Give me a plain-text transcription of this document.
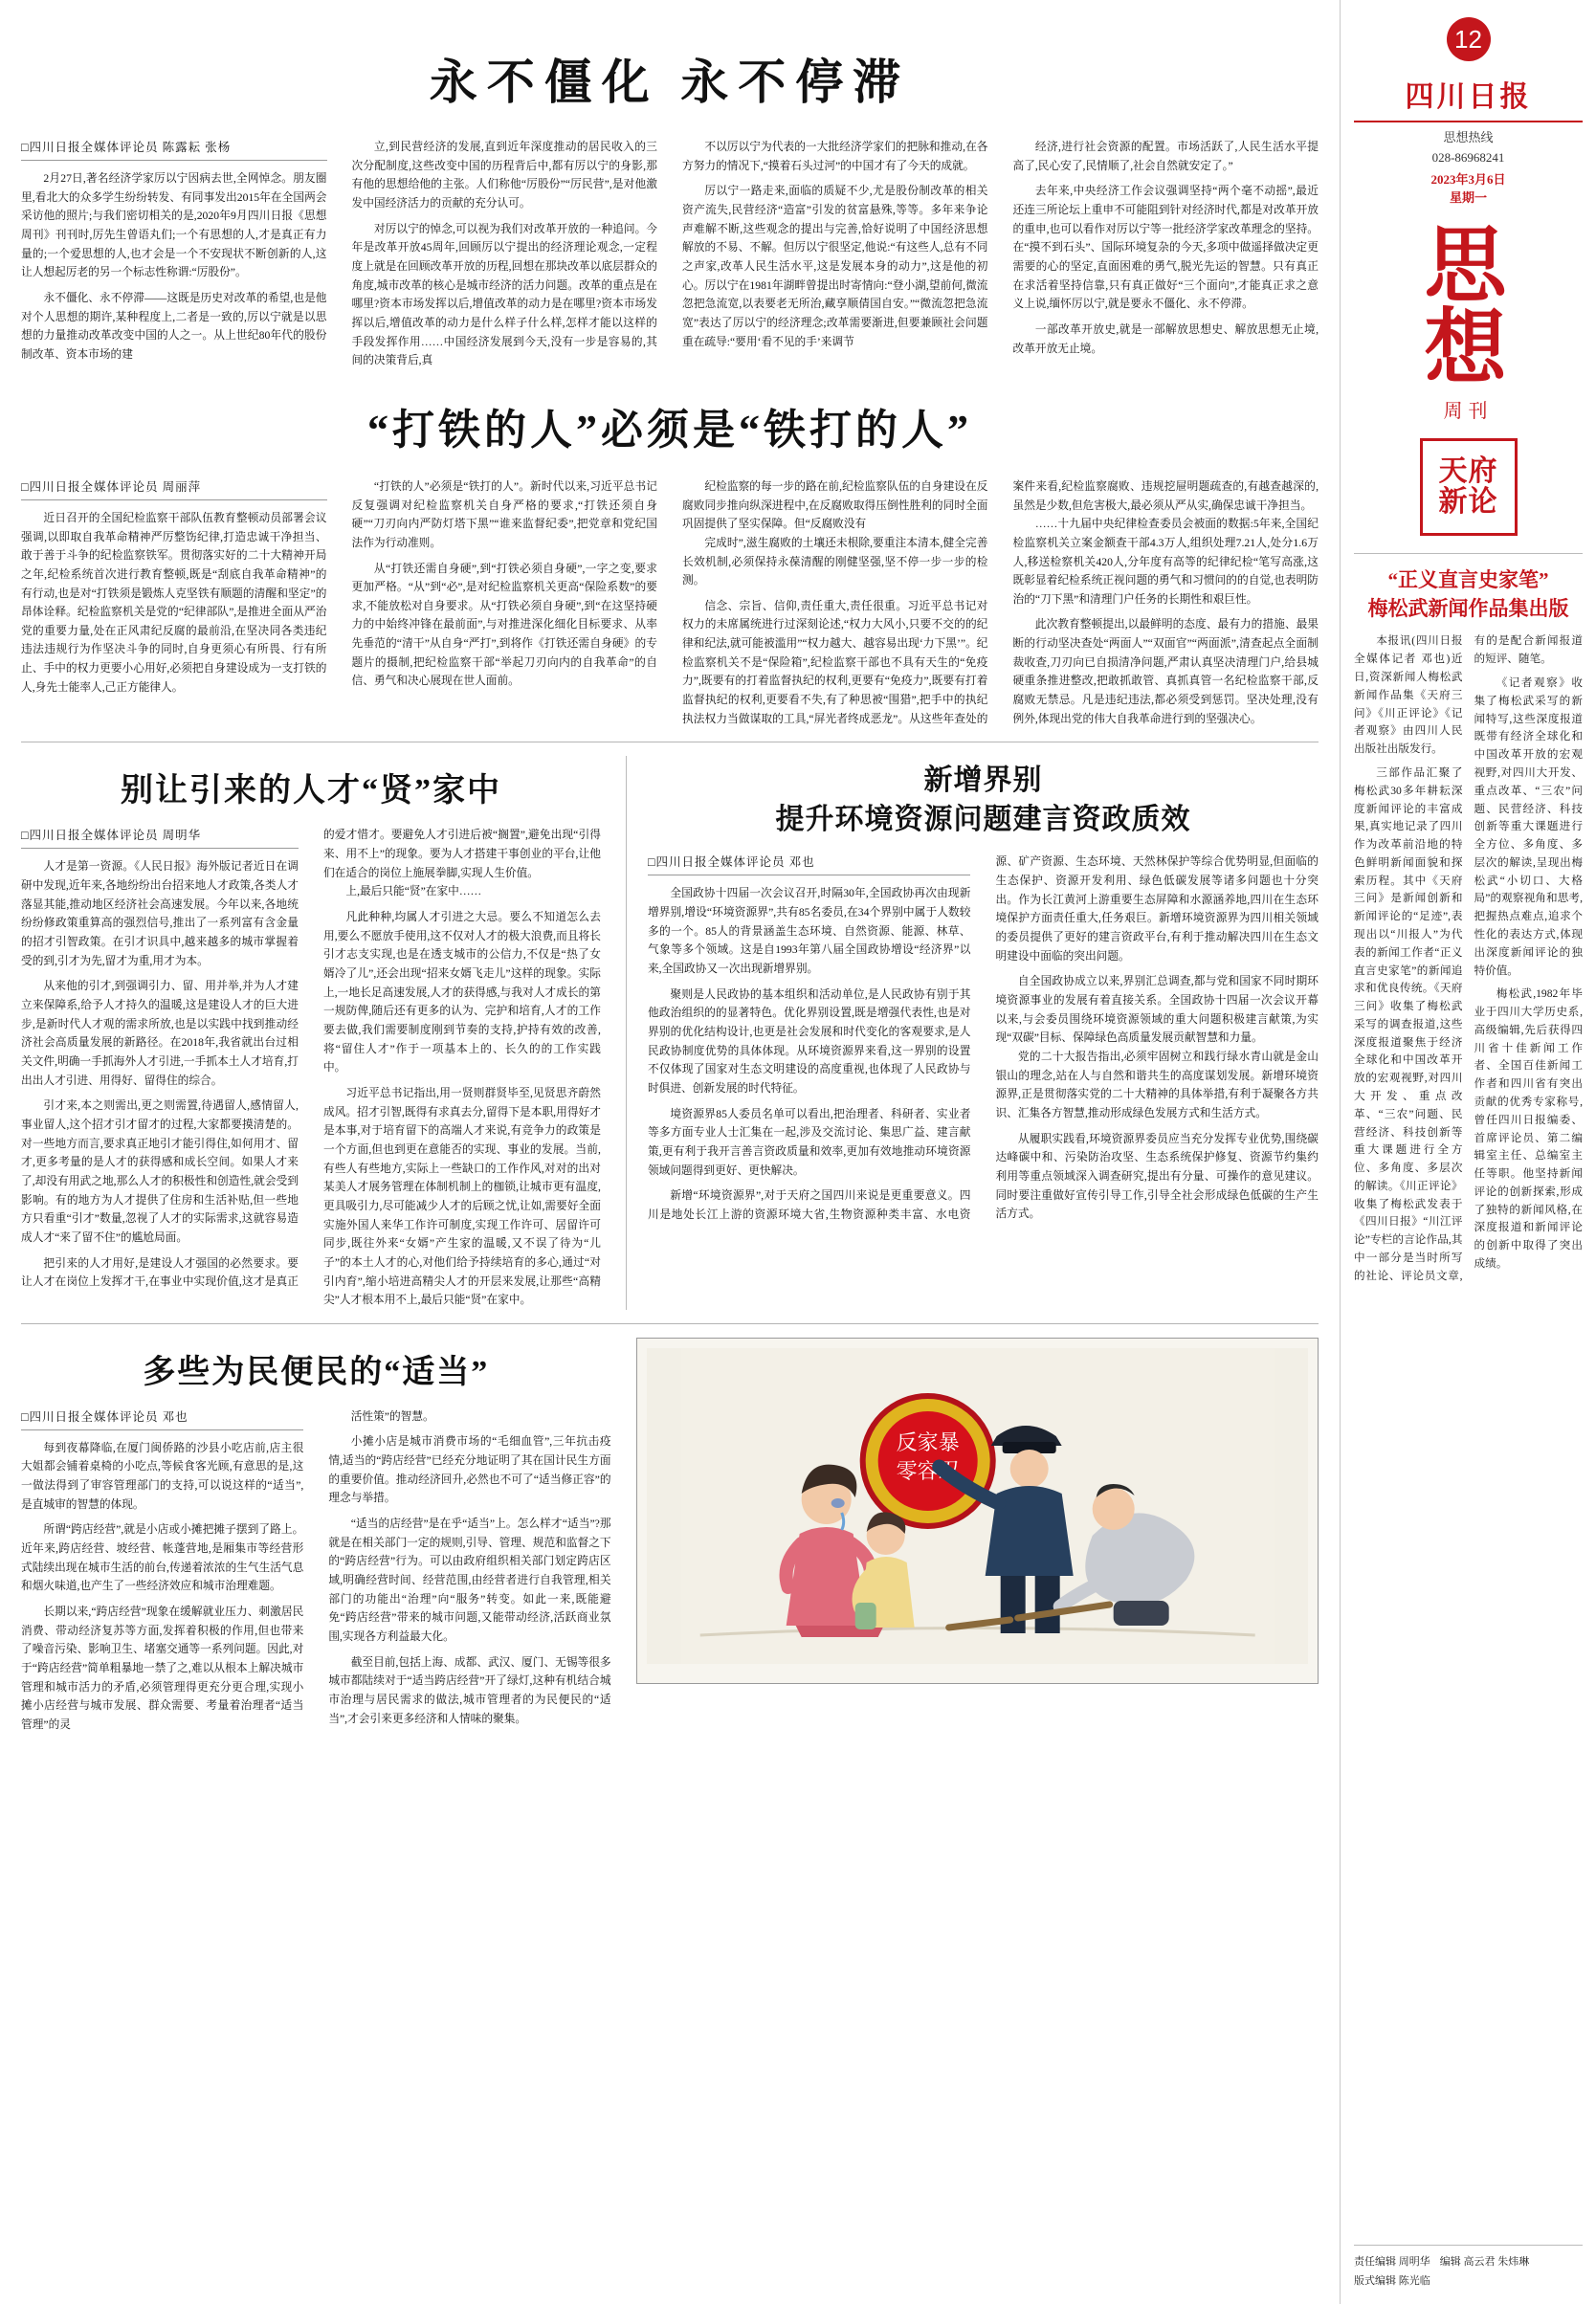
永不僵化 永不停滞
□四川日报全媒体评论员 陈露耘 张杨

2月27日,著名经济学家厉以宁因病去世,全网悼念。朋友圈里,看北大的众多学生纷纷转发、有同事发出2015年在全国两会采访他的照片;与我们密切相关的是,2020年9月四川日报《思想周刊》刊刊时,厉先生曾语丸们;一个有思想的人,才是真正有力量的;一个爱思想的人,也才会是一个不安现状不断创新的人,这让人想起厉老的另一个标志性称谓:“厉股份”。

永不僵化、永不停滞——这既是历史对改革的希望,也是他对个人思想的期许,某种程度上,二者是一致的,厉以宁就是以思想的力量推动改革改变中国的人之一。从上世纪80年代的股份制改革、资本市场的建

立,到民营经济的发展,直到近年深度推动的居民收入的三次分配制度,这些改变中国的历程背后中,都有厉以宁的身影,那有他的思想给他的主张。人们称他“厉股份”“厉民营”,是对他激发中国经济活力的贡献的充分认可。

对厉以宁的悼念,可以视为我们对改革开放的一种追问。今年是改革开放45周年,回顾厉以宁提出的经济理论观念,一定程度上就是在回顾改革开放的历程,回想在那块改革以底层群众的角度,城市改革的核心是城市经济的活力问题。改革的重点是在哪里?资本市场发挥以后,增值改革的动力是在哪里?资本市场发挥以后,增值改革的动力是什么样子什么样,怎样才能以这样的手段发挥作用……中国经济发展到今天,没有一步是容易的,其间的决策背后,真

不以厉以宁为代表的一大批经济学家们的把脉和推动,在各方努力的情况下,“摸着石头过河”的中国才有了今天的成就。

厉以宁一路走来,面临的质疑不少,尤是股份制改革的相关资产流失,民营经济“造富”引发的贫富悬殊,等等。多年来争论声难解不断,这些观念的提出与完善,恰好说明了中国经济思想解放的不易、不解。但厉以宁很坚定,他说:“有这些人,总有不同之声家,改革人民生活水平,这是发展本身的动力”,这是他的初心。厉以宁在1981年湖畔曾提出时寄情向:“登小湖,望前何,微流忽把急流宽,以表要老无所治,藏享顺倩国自安。”“微流忽把急流宽”表达了厉以宁的经济理念;改革需要渐进,但要兼顾社会问题重在疏导:“要用‘看不见的手’来调节

经济,进行社会资源的配置。市场活跃了,人民生活水平提高了,民心安了,民情顺了,社会自然就安定了。”

去年来,中央经济工作会议强调坚持“两个毫不动摇”,最近还连三所论坛上重申不可能阻到针对经济时代,都是对改革开放的重申,也可以看作对厉以宁等一批经济学家改革理念的坚持。在“摸不到石头”、国际环境复杂的今天,多项中做遥择做决定更需要的心的坚定,直面困难的勇气,脱光先运的智慧。只有真正在求活着坚持信靠,只有真正做好“三个面向”,才能真正求之意义上说,缅怀厉以宁,就是要永不僵化、永不停滞。

一部改革开放史,就是一部解放思想史、解放思想无止境,改革开放无止境。

“打铁的人”必须是“铁打的人”
□四川日报全媒体评论员 周丽萍

近日召开的全国纪检监察干部队伍教育整顿动员部署会议强调,以即取自我革命精神严厉整饬纪律,打造忠诚干净担当、敢于善于斗争的纪检监察铁军。贯彻落实好的二十大精神开局之年,纪检系统首次进行教育整顿,既是“刮底自我革命精神”的有行动,也是对“打铁须是锻炼人克坚铁有顺题的清醒和坚定”的昂体诠释。纪检监察机关是党的“纪律部队”,是推进全面从严治党的重要力量,处在正风肃纪反腐的最前沿,在坚决同各类违纪违法违规行为作坚决斗争的同时,自身更须心有所畏、行有所止、手中的权力更要小心用好,必须把自身建设成为一支打铁的人,身先士能率人,己正方能律人。

“打铁的人”必须是“铁打的人”。新时代以来,习近平总书记反复强调对纪检监察机关自身严格的要求,“打铁还须自身硬”“刀刃向内严防灯塔下黑”“谁来监督纪委”,把党章和党纪国法作为行动准则。

从“打铁还需自身硬”,到“打铁必须自身硬”,一字之变,要求更加严格。“从”到“必”,是对纪检监察机关更高“保险系数”的要求,不能放松对自身要求。从“打铁必须自身硬”,到“在这坚持硬力的中始终冲锋在最前面”,与对推进深化细化目标要求、从率先垂范的“清干”从自身“严打”,到将作《打铁还需自身硬》的专题片的摄制,把纪检监察干部“举起刀刃向内的自我革命”的自信、勇气和决心展现在世人面前。

纪检监察的每一步的路在前,纪检监察队伍的自身建设在反腐败同步推向纵深进程中,在反腐败取得压倒性胜利的同时全面巩固提供了坚实保障。但“反腐败没有

完成时”,滋生腐败的土壤还未根除,要重注本清本,健全完善长效机制,必须保持永葆清醒的刚健坚强,坚不停一步一步的检测。

信念、宗旨、信仰,责任重大,责任很重。习近平总书记对权力的未席属统进行过深刻论述,“权力大风小,只要不交的的纪律和纪法,就可能被滥用”“权力越大、越容易出现‘力下黑’”。纪检监察机关不是“保险箱”,纪检监察干部也不具有天生的“免疫力”,既要有的打着监督执纪的权利,更要有“免疫力”,既要有打着监督执纪的权利,更要看不失,有了种思被“围猎”,把手中的执纪执法权力当做谋取的工具,“屏光者终成恶龙”。从这些年查处的案件来看,纪检监察腐败、违规挖屉明题疏查的,有越查越深的,虽然是少数,但危害极大,最必须从严从实,确保忠诚干净担当。

……十九届中央纪律检查委员会被面的数据:5年来,全国纪检监察机关立案金额查干部4.3万人,组织处理7.21人,处分1.6万人,移送检察机关420人,分年度有高等的纪律纪检“笔写高涨,这既彰显着纪检系统正视问题的勇气和习惯问的的自觉,也表明防治的“刀下黑”和清理门户任务的长期性和艰巨性。

此次教育整顿提出,以最鲜明的态度、最有力的措施、最果断的行动坚决查处“两面人”“双面官”“两面派”,清查起点全面制裁收查,刀刃向已自损清净问题,严肃认真坚决清理门户,给县城硬重条推进整改,把敢抓敢管、真抓真管一名纪检监察干部,反腐败无禁忌。凡是违纪违法,都必须受到惩罚。坚决处理,没有例外,体现出党的伟大自我革命进行到的坚强决心。

别让引来的人才“贤”家中
□四川日报全媒体评论员 周明华

人才是第一资源。《人民日报》海外版记者近日在调研中发现,近年来,各地纷纷出台招来地人才政策,各类人才落显其能,推动地区经济社会高速发展。今年以来,各地统纷纷修政策重算高的强烈信号,推出了一系列富有含金量的招才引智政策。在引才识具中,越来越多的城市掌握着受的到,引才为先,留才为重,用才为本。

从来他的引才,到强调引力、留、用并举,并为人才建立来保障系,给予人才持久的温暖,这是建设人才的巨大进步,是新时代人才观的需求所放,也是以实践中找到推动经济社会高质量发展的新路径。在2018年,我省就出台过相关文件,明确一手抓海外人才引进,一手抓本土人才培育,打出出人才引进、用得好、留得住的综合。

引才来,本之则需出,更之则需置,待遇留人,感情留人,事业留人,这个招才引才留才的过程,大家都要摸清楚的。对一些地方而言,要求真正地引才能引得住,如何用才、留才,更多考量的是人才的获得感和成长空间。如果人才来了,却没有用武之地,那么人才的积极性和创造性,就会受到影响。有的地方为人才提供了住房和生活补贴,但一些地方只看重“引才”数量,忽视了人才的实际需求,这就容易造成人才“来了留不住”的尴尬局面。

把引来的人才用好,是建设人才强国的必然要求。要让人才在岗位上发挥才干,在事业中实现价值,这才是真正的爱才惜才。要避免人才引进后被“搁置”,避免出现“引得来、用不上”的现象。要为人才搭建干事创业的平台,让他们在适合的岗位上施展拳脚,实现人生价值。

上,最后只能“贤”在家中……

凡此种种,均属人才引进之大忌。要么不知道怎么去用,要么不愿放手使用,这不仅对人才的极大浪费,而且将长引才志支实现,也是在透支城市的公信力,不仅是“热了女婿冷了儿”,还会出现“招来女婿飞走儿”这样的现象。实际上,一地长足高速发展,人才的获得感,与我对人才成长的第一规防俾,随后还有更多的认为、完护和培育,人才的工作要去做,我们需要制度刚到节奏的支持,护持有效的改善,将“留住人才”作于一项基本上的、长久的的工作实践中。

习近平总书记指出,用一贤则群贤毕至,见贤思齐蔚然成风。招才引智,既得有求真去分,留得下是本职,用得好才是本事,对于培育留下的高端人才来说,有竞争力的政策是一个方面,但也到更在意能否的实现、事业的发展。当前,有些人有些地方,实际上一些缺口的工作作风,对对的出对某美人才展务管理在体制机制上的枷锁,让城市更有温度,更具吸引力,尽可能减少人才的后顾之忧,让如,需要好全面实施外国人来华工作许可制度,实现工作许可、居留许可同步,既往外来“女婿”产生家的温暖,又不误了待为“儿子”的本土人才的心,对他们给予持续培育的多心,通过“对引内育”,缩小培进高精尖人才的开层来发展,让那些“高精尖”人才根本用不上,最后只能“贤”在家中。

新增界别
提升环境资源问题建言资政质效
□四川日报全媒体评论员 邓也

全国政协十四届一次会议召开,时隔30年,全国政协再次由现新增界别,增设“环境资源界”,共有85名委员,在34个界别中属于人数较多的一个。85人的背景涵盖生态环境、自然资源、能源、林草、气象等多个领域。这是自1993年第八届全国政协增设“经济界”以来,全国政协又一次出现新增界别。

聚则是人民政协的基本组织和活动单位,是人民政协有别于其他政治组织的的显著特色。优化界别设置,既是增强代表性,也是对界别的优化结构设计,也更是社会发展和时代变化的客观要求,是人民政协制度优势的具体体现。从环境资源界来看,这一界别的设置不仅体现了国家对生态文明建设的高度重视,也体现了人民政协与时俱进、创新发展的时代特征。

境资源界85人委员名单可以看出,把治理者、科研者、实业者等多方面专业人士汇集在一起,涉及交流讨论、集思广益、建言献策,更有利于我开言善言资政质量和效率,更加有效地推动环境资源领域问题得到更好、更快解决。

新增“环境资源界”,对于天府之国四川来说是更重要意义。四川是地处长江上游的资源环境大省,生物资源种类丰富、水电资源、矿产资源、生态环境、天然林保护等综合优势明显,但面临的生态保护、资源开发利用、绿色低碳发展等诸多问题也十分突出。作为长江黄河上游重要生态屏障和水源涵养地,四川在生态环境保护方面责任重大,任务艰巨。新增环境资源界为四川相关领域的委员提供了更好的建言资政平台,有利于推动解决四川在生态文明建设中面临的突出问题。

自全国政协成立以来,界别汇总调查,都与党和国家不同时期环境资源事业的发展有着直接关系。全国政协十四届一次会议开幕以来,与会委员围绕环境资源领域的重大问题积极建言献策,为实现“双碳”目标、保障绿色高质量发展贡献智慧和力量。

党的二十大报告指出,必须牢固树立和践行绿水青山就是金山银山的理念,站在人与自然和谐共生的高度谋划发展。新增环境资源界,正是贯彻落实党的二十大精神的具体举措,有利于凝聚各方共识、汇集各方智慧,推动形成绿色发展方式和生活方式。

从履职实践看,环境资源界委员应当充分发挥专业优势,围绕碳达峰碳中和、污染防治攻坚、生态系统保护修复、资源节约集约利用等重点领域深入调查研究,提出有分量、可操作的意见建议。同时要注重做好宣传引导工作,引导全社会形成绿色低碳的生产生活方式。

多些为民便民的“适当”
□四川日报全媒体评论员 邓也

每到夜幕降临,在厦门闽侨路的沙县小吃店前,店主很大姐都会铺着桌椅的小吃点,等候食客光顾,有意思的是,这一做法得到了审容管理部门的支持,可以说这样的“适当”,是直城审的智慧的体现。

所谓“跨店经营”,就是小店或小摊把摊子摆到了路上。近年来,跨店经营、坡经营、帐蓬营地,是厢集市等经营形式陆续出现在城市生活的前台,传递着浓浓的生气生活气息和烟火味道,也产生了一些经济效应和城市治理难题。

长期以来,“跨店经营”现象在缓解就业压力、刺激居民消费、带动经济复苏等方面,发挥着积极的作用,但也带来了噪音污染、影响卫生、堵塞交通等一系列问题。因此,对于“跨店经营”简单粗暴地一禁了之,难以从根本上解决城市管理和城市活力的矛盾,必须管理得更充分更合理,实现小摊小店经营与城市发展、群众需要、考量着治理者“适当管理”的灵

活性策”的智慧。

小摊小店是城市消费市场的“毛细血管”,三年抗击疫情,适当的“跨店经营”已经充分地证明了其在国计民生方面的重要价值。推动经济回升,必然也不可了“适当修正容”的理念与举措。

“适当的店经营”是在乎“适当”上。怎么样才“适当”?那就是在相关部门一定的规则,引导、管理、规范和监督之下的“跨店经营”行为。可以由政府组织相关部门划定跨店区域,明确经营时间、经营范围,由经营者进行自我管理,相关部门的功能出“治理”向“服务”转变。如此一来,既能避免“跨店经营”带来的城市问题,又能带动经济,活跃商业氛围,实现各方利益最大化。

截至目前,包括上海、成都、武汉、厦门、无锡等很多城市都陆续对于“适当跨店经营”开了绿灯,这种有机结合城市治理与居民需求的做法,城市管理者的为民便民的“适当”,才会引来更多经济和人情味的聚集。

反家暴
零容忍
12
四川日报
思想热线
028-86968241
2023年3月6日
星期一
思
想
周刊
天府
新论
“正义直言史家笔”
梅松武新闻作品集出版

本报讯(四川日报全媒体记者 邓也)近日,资深新闻人梅松武新闻作品集《天府三问》《川正评论》《记者观察》由四川人民出版社出版发行。

三部作品汇聚了梅松武30多年耕耘深度新闻评论的丰富成果,真实地记录了四川作为改革前沿地的特色鲜明新闻面貌和探索历程。其中《天府三问》是新闻创新和新闻评论的“足迹”,表现出以“川报人”为代表的新闻工作者“正义直言史家笔”的新闻追求和优良传统。《天府三问》收集了梅松武采写的调查报道,这些深度报道聚焦于经济全球化和中国改革开放的宏观视野,对四川大开发、重点改革、“三农”问题、民营经济、科技创新等重大课题进行全方位、多角度、多层次的解读。《川正评论》收集了梅松武发表于《四川日报》“川江评论”专栏的言论作品,其中一部分是当时所写的社论、评论员文章,有的是配合新闻报道的短评、随笔。

《记者观察》收集了梅松武采写的新闻特写,这些深度报道既带有经济全球化和中国改革开放的宏观视野,对四川大开发、重点改革、“三农”问题、民营经济、科技创新等重大课题进行全方位、多角度、多层次的解读,呈现出梅松武“小切口、大格局”的观察视角和思考,把握热点难点,追求个性化的表达方式,体现出深度新闻评论的独特价值。

梅松武,1982年毕业于四川大学历史系,高级编辑,先后获得四川省十佳新闻工作者、全国百佳新闻工作者和四川省有突出贡献的优秀专家称号,曾任四川日报编委、首席评论员、第二编辑室主任、总编室主任等职。他坚持新闻评论的创新探索,形成了独特的新闻风格,在深度报道和新闻评论的创新中取得了突出成绩。

责任编辑 周明华 编辑 高云君 朱炜琳
版式编辑 陈光临
